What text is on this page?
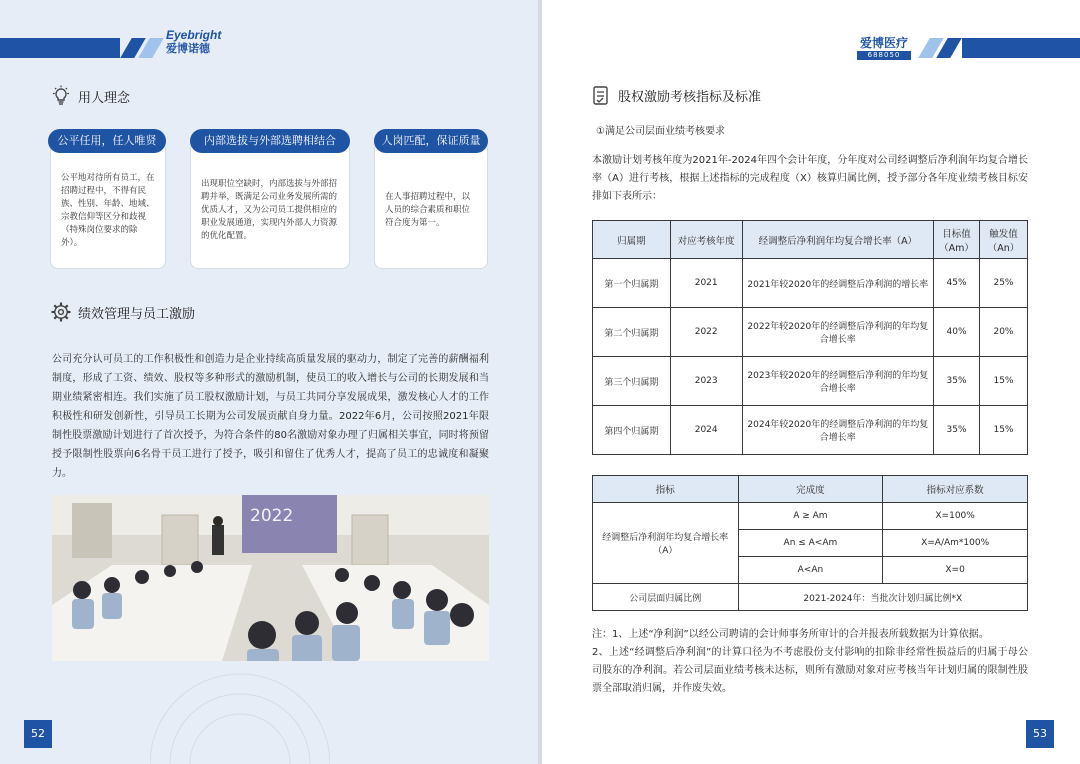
Eyebright
爱博诺德
用人理念
公平任用，任人唯贤
公平地对待所有员工，在招聘过程中，不得有民族、性别、年龄、地域、宗教信仰等区分和歧视（特殊岗位要求的除外）。
内部选拔与外部选聘相结合
出现职位空缺时，内部选拔与外部招聘并举，既满足公司业务发展所需的优质人才，又为公司员工提供相应的职业发展通道，实现内外部人力资源的优化配置。
人岗匹配，保证质量
在人事招聘过程中，以人员的综合素质和职位符合度为第一。
绩效管理与员工激励

公司充分认可员工的工作积极性和创造力是企业持续高质量发展的驱动力，制定了完善的薪酬福利制度，形成了工资、绩效、股权等多种形式的激励机制，使员工的收入增长与公司的长期发展和当期业绩紧密相连。我们实施了员工股权激励计划，与员工共同分享发展成果，激发核心人才的工作积极性和研发创新性，引导员工长期为公司发展贡献自身力量。2022年6月，公司按照2021年限制性股票激励计划进行了首次授予，为符合条件的80名激励对象办理了归属相关事宜，同时将预留授予限制性股票向6名骨干员工进行了授予，吸引和留住了优秀人才，提高了员工的忠诚度和凝聚力。

2022
52
爱博医疗
688050
股权激励考核指标及标准
①满足公司层面业绩考核要求

本激励计划考核年度为2021年-2024年四个会计年度，分年度对公司经调整后净利润年均复合增长率（A）进行考核，根据上述指标的完成程度（X）核算归属比例，授予部分各年度业绩考核目标安排如下表所示：

归属期	对应考核年度	经调整后净利润年均复合增长率（A）	目标值（Am）	触发值（An）
第一个归属期	2021	2021年较2020年的经调整后净利润的增长率	45%	25%
第二个归属期	2022	2022年较2020年的经调整后净利润的年均复合增长率	40%	20%
第三个归属期	2023	2023年较2020年的经调整后净利润的年均复合增长率	35%	15%
第四个归属期	2024	2024年较2020年的经调整后净利润的年均复合增长率	35%	15%
指标	完成度	指标对应系数
经调整后净利润年均复合增长率（A）	A ≥ Am	X=100%
	An ≤ A<Am	X=A/Am*100%
	A<An	X=0
公司层面归属比例	2021-2024年：当批次计划归属比例*X	

注：1、上述“净利润”以经公司聘请的会计师事务所审计的合并报表所载数据为计算依据。

2、上述“经调整后净利润”的计算口径为不考虑股份支付影响的扣除非经常性损益后的归属于母公司股东的净利润。若公司层面业绩考核未达标，则所有激励对象对应考核当年计划归属的限制性股票全部取消归属，并作废失效。

53
